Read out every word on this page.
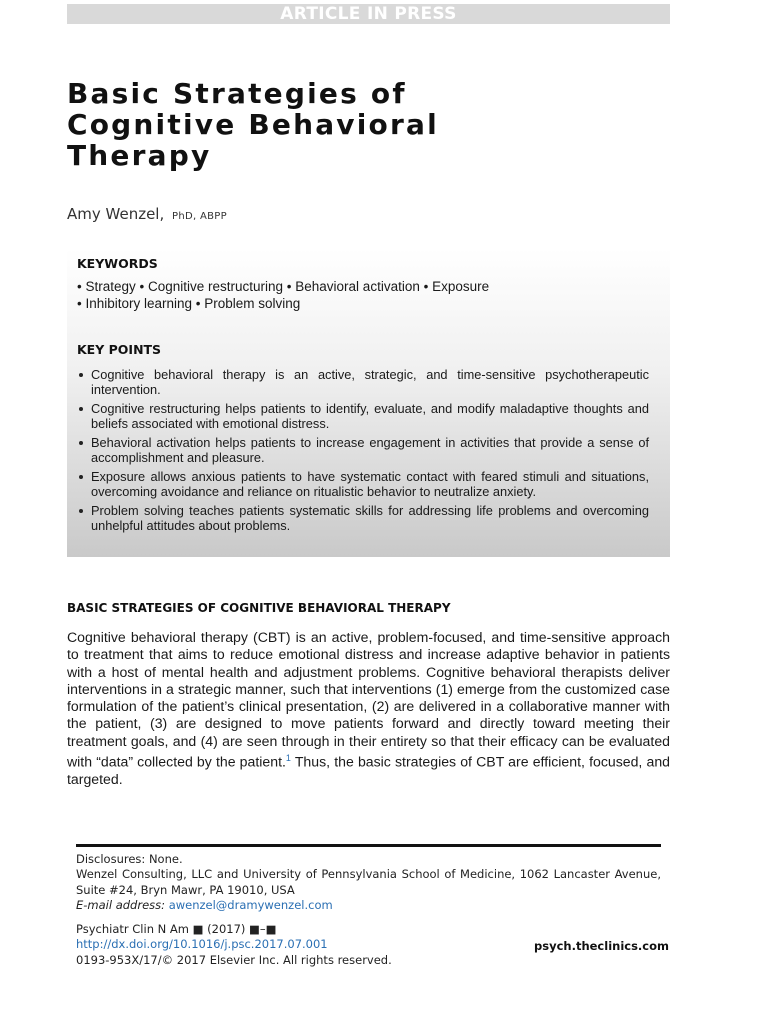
ARTICLE IN PRESS
Basic Strategies of
Cognitive Behavioral
Therapy
Amy Wenzel, PhD, ABPP
KEYWORDS
• Strategy • Cognitive restructuring • Behavioral activation • Exposure
• Inhibitory learning • Problem solving
KEY POINTS
Cognitive behavioral therapy is an active, strategic, and time-sensitive psychotherapeutic intervention.
Cognitive restructuring helps patients to identify, evaluate, and modify maladaptive thoughts and beliefs associated with emotional distress.
Behavioral activation helps patients to increase engagement in activities that provide a sense of accomplishment and pleasure.
Exposure allows anxious patients to have systematic contact with feared stimuli and situations, overcoming avoidance and reliance on ritualistic behavior to neutralize anxiety.
Problem solving teaches patients systematic skills for addressing life problems and overcoming unhelpful attitudes about problems.
BASIC STRATEGIES OF COGNITIVE BEHAVIORAL THERAPY

Cognitive behavioral therapy (CBT) is an active, problem-focused, and time-sensitive approach to treatment that aims to reduce emotional distress and increase adaptive behavior in patients with a host of mental health and adjustment problems. Cognitive behavioral therapists deliver interventions in a strategic manner, such that interventions (1) emerge from the customized case formulation of the patient’s clinical presentation, (2) are delivered in a collaborative manner with the patient, (3) are designed to move patients forward and directly toward meeting their treatment goals, and (4) are seen through in their entirety so that their efficacy can be evaluated with “data” collected by the patient.$^1$ Thus, the basic strategies of CBT are efficient, focused, and targeted.

Disclosures: None.
Wenzel Consulting, LLC and University of Pennsylvania School of Medicine, 1062 Lancaster Avenue, Suite #24, Bryn Mawr, PA 19010, USA
E-mail address: awenzel@dramywenzel.com
Psychiatr Clin N Am ■ (2017) ■–■
http://dx.doi.org/10.1016/j.psc.2017.07.001
0193-953X/17/© 2017 Elsevier Inc. All rights reserved.
psych.theclinics.com
